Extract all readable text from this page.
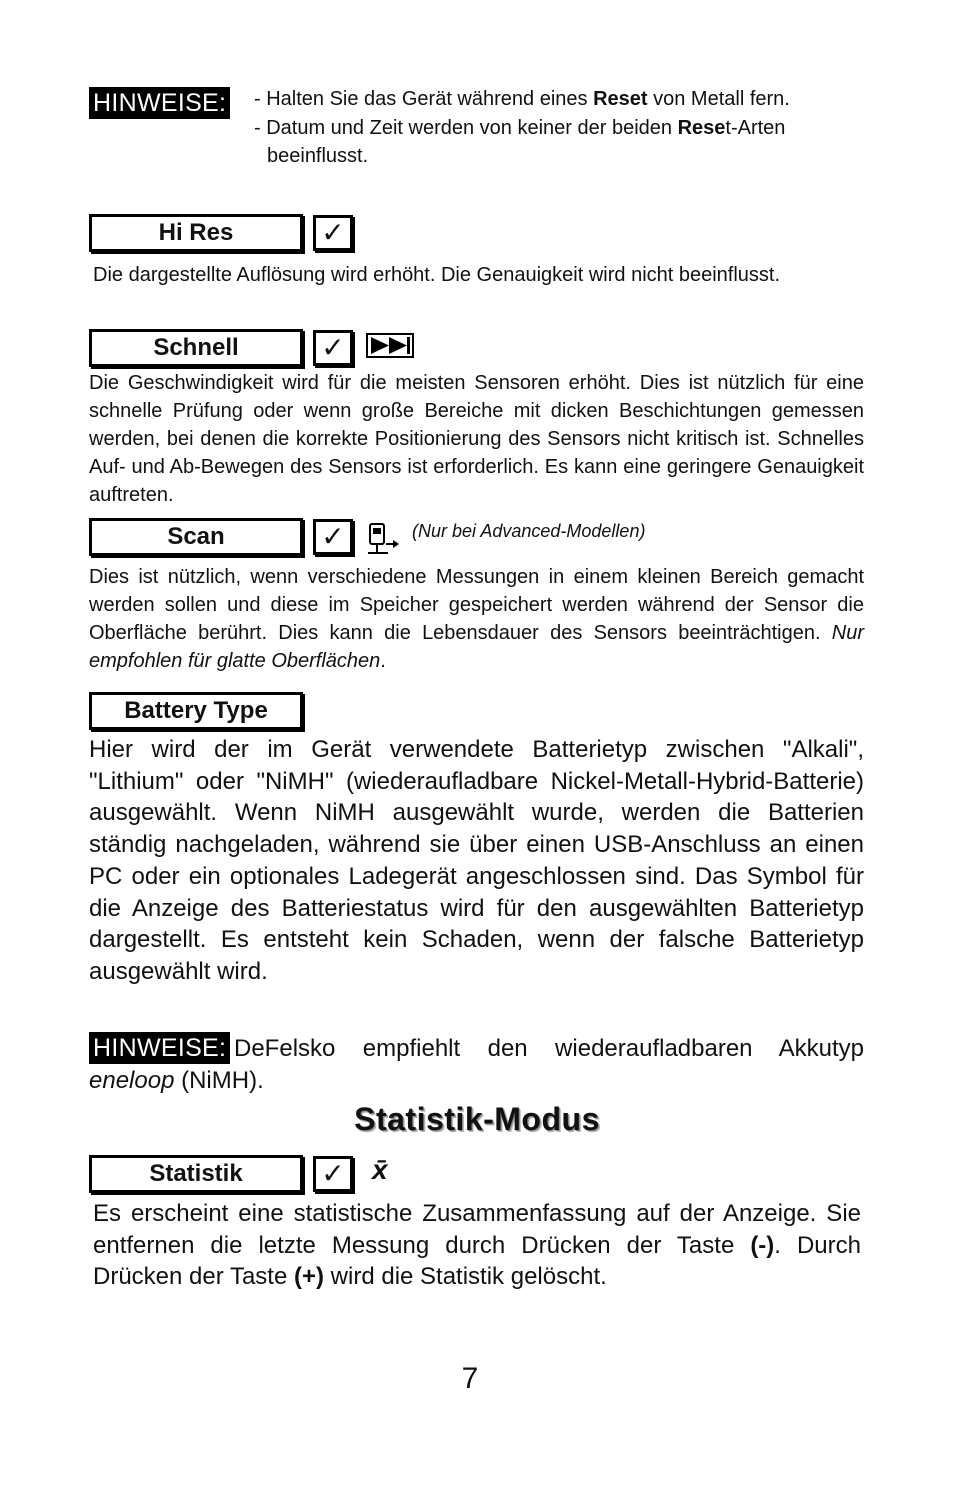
HINWEISE:	- Halten Sie das Gerät während eines Reset von Metall fern.
- Datum und Zeit werden von keiner der beiden Reset-Arten beeinflusst.
Hi Res	✓
Die dargestellte Auflösung wird erhöht. Die Genauigkeit wird nicht beeinflusst.
Schnell	✓
Die Geschwindigkeit wird für die meisten Sensoren erhöht. Dies ist nützlich für eine schnelle Prüfung oder wenn große Bereiche mit dicken Beschichtungen gemessen werden, bei denen die korrekte Positionierung des Sensors nicht kritisch ist. Schnelles Auf- und Ab-Bewegen des Sensors ist erforderlich. Es kann eine geringere Genauigkeit auftreten.
Scan	✓	(Nur bei Advanced-Modellen)
Dies ist nützlich, wenn verschiedene Messungen in einem kleinen Bereich gemacht werden sollen und diese im Speicher gespeichert werden während der Sensor die Oberfläche berührt. Dies kann die Lebensdauer des Sensors beeinträchtigen. Nur empfohlen für glatte Oberflächen.
Battery Type
Hier wird der im Gerät verwendete Batterietyp zwischen "Alkali", "Lithium" oder "NiMH" (wiederaufladbare Nickel-Metall-Hybrid-Batterie) ausgewählt. Wenn NiMH ausgewählt wurde, werden die Batterien ständig nachgeladen, während sie über einen USB-Anschluss an einen PC oder ein optionales Ladegerät angeschlossen sind. Das Symbol für die Anzeige des Batteriestatus wird für den ausgewählten Batterietyp dargestellt. Es entsteht kein Schaden, wenn der falsche Batterietyp ausgewählt wird.
DeFelsko empfiehlt den wiederaufladbaren Akkutyp eneloop (NiMH).
HINWEISE:
Statistik-Modus
Statistik	✓ x̄
Es erscheint eine statistische Zusammenfassung auf der Anzeige. Sie entfernen die letzte Messung durch Drücken der Taste (-). Durch Drücken der Taste (+) wird die Statistik gelöscht.
7
